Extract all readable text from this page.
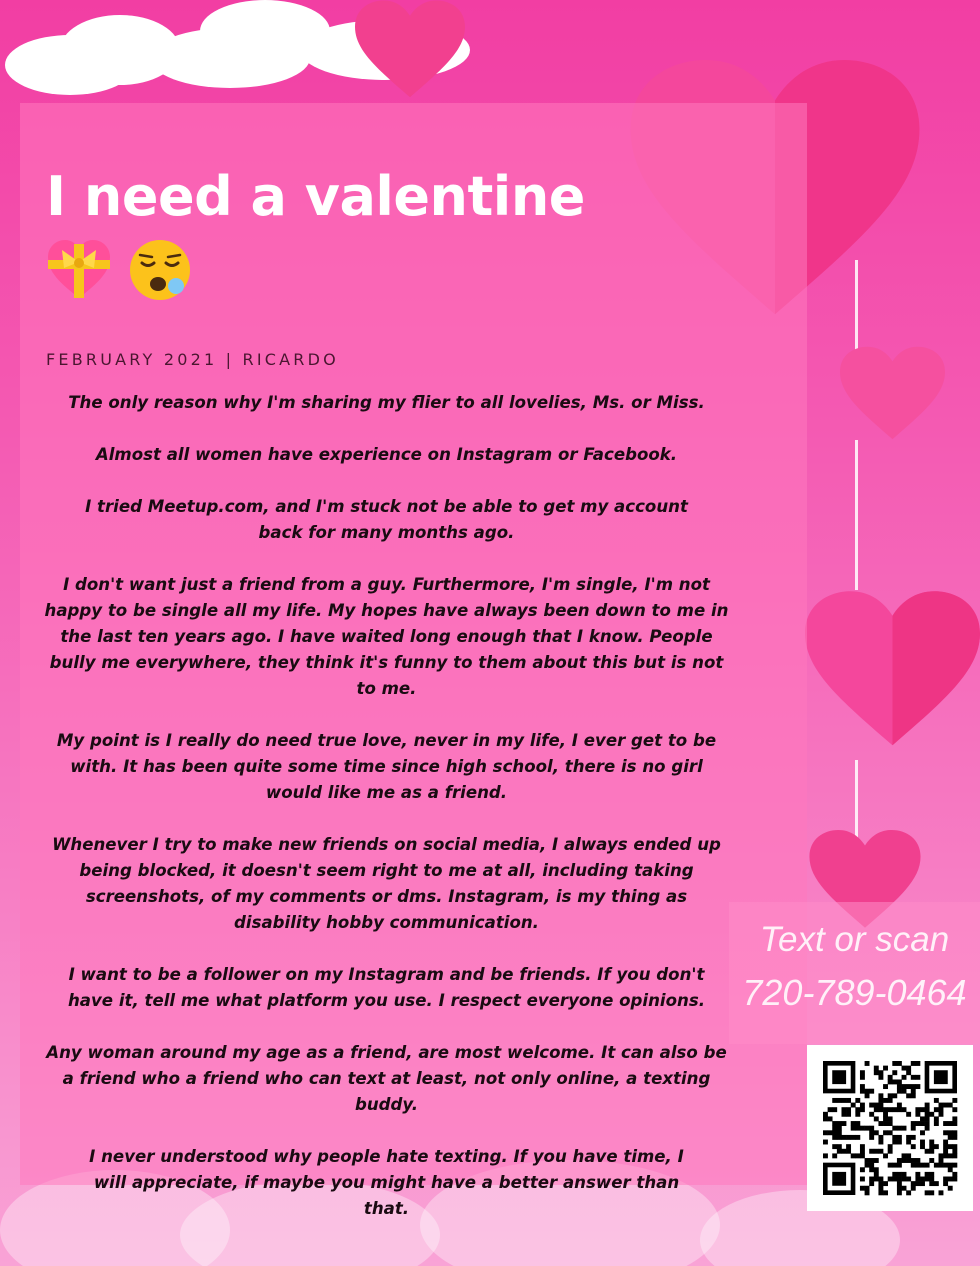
I need a valentine

FEBRUARY 2021 | RICARDO

The only reason why I'm sharing my flier to all lovelies, Ms. or Miss.

Almost all women have experience on Instagram or Facebook.

I tried Meetup.com, and I'm stuck not be able to get my account back for many months ago.

I don't want just a friend from a guy. Furthermore, I'm single, I'm not happy to be single all my life. My hopes have always been down to me in the last ten years ago. I have waited long enough that I know. People bully me everywhere, they think it's funny to them about this but is not to me.

My point is I really do need true love, never in my life, I ever get to be with. It has been quite some time since high school, there is no girl would like me as a friend.

Whenever I try to make new friends on social media, I always ended up being blocked, it doesn't seem right to me at all, including taking screenshots, of my comments or dms. Instagram, is my thing as disability hobby communication.

I want to be a follower on my Instagram and be friends. If you don't have it, tell me what platform you use. I respect everyone opinions.

Any woman around my age as a friend, are most welcome. It can also be a friend who a friend who can text at least, not only online, a texting buddy.

I never understood why people hate texting. If you have time, I will appreciate, if maybe you might have a better answer than that.

Text or scan

720-789-0464
